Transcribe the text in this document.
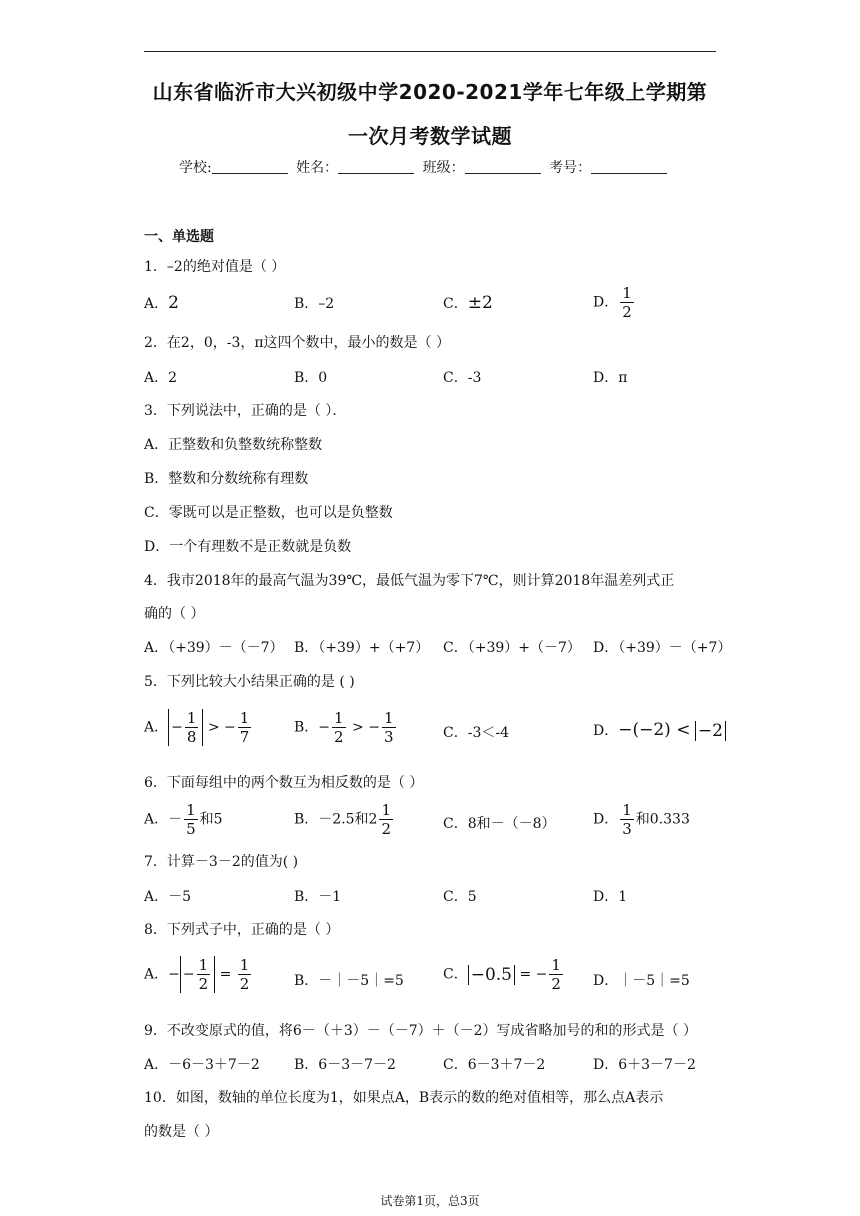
山东省临沂市大兴初级中学2020-2021学年七年级上学期第
一次月考数学试题
学校:	姓名：	班级：	考号：
一、单选题
1．–2的绝对值是（ ）
A．2	B．–2	C．±2	D． $\frac{1}{2}$
2．在2，0，-3，π这四个数中，最小的数是（ ）
A．2	B．0	C．-3	D．π
3．下列说法中，正确的是（ ）．
A．正整数和负整数统称整数
B．整数和分数统称有理数
C．零既可以是正整数，也可以是负整数
D．一个有理数不是正数就是负数
4．我市2018年的最高气温为39℃，最低气温为零下7℃，则计算2018年温差列式正
确的（ ）
A．（+39）－（－7） B．（+39）+（+7） C．（+39）+（－7） D．（+39）－（+7）
5．下列比较大小结果正确的是 ( )
A． − $\frac{1}{8}$ > − $\frac{1}{7}$	B．− $\frac{1}{2}$ > − $\frac{1}{3}$	C．-3＜-4	D．−(−2) < −2
6．下面每组中的两个数互为相反数的是（ ）
A．－ $\frac{1}{5}$ 和5	B．－2.5和$2 \frac{1}{2}$	C．8和－（－8）	D． $\frac{1}{3}$ 和0.333
7．计算－3－2的值为( )
A．－5	B．－1	C．5	D．1
8．下列式子中，正确的是（ ）
A．− − $\frac{1}{2} = \frac{1}{2}$	B．－｜－5｜=5	C． −0.5 = − $\frac{1}{2}$ D．｜－5｜=5
9．不改变原式的值，将6－（＋3）－（－7）＋（－2）写成省略加号的和的形式是（ ）
A．－6－3＋7－2 B．6－3－7－2	C．6－3＋7－2	D．6＋3－7－2
10．如图，数轴的单位长度为1，如果点A，B表示的数的绝对值相等，那么点A表示
的数是（ ）
试卷第1页，总3页
